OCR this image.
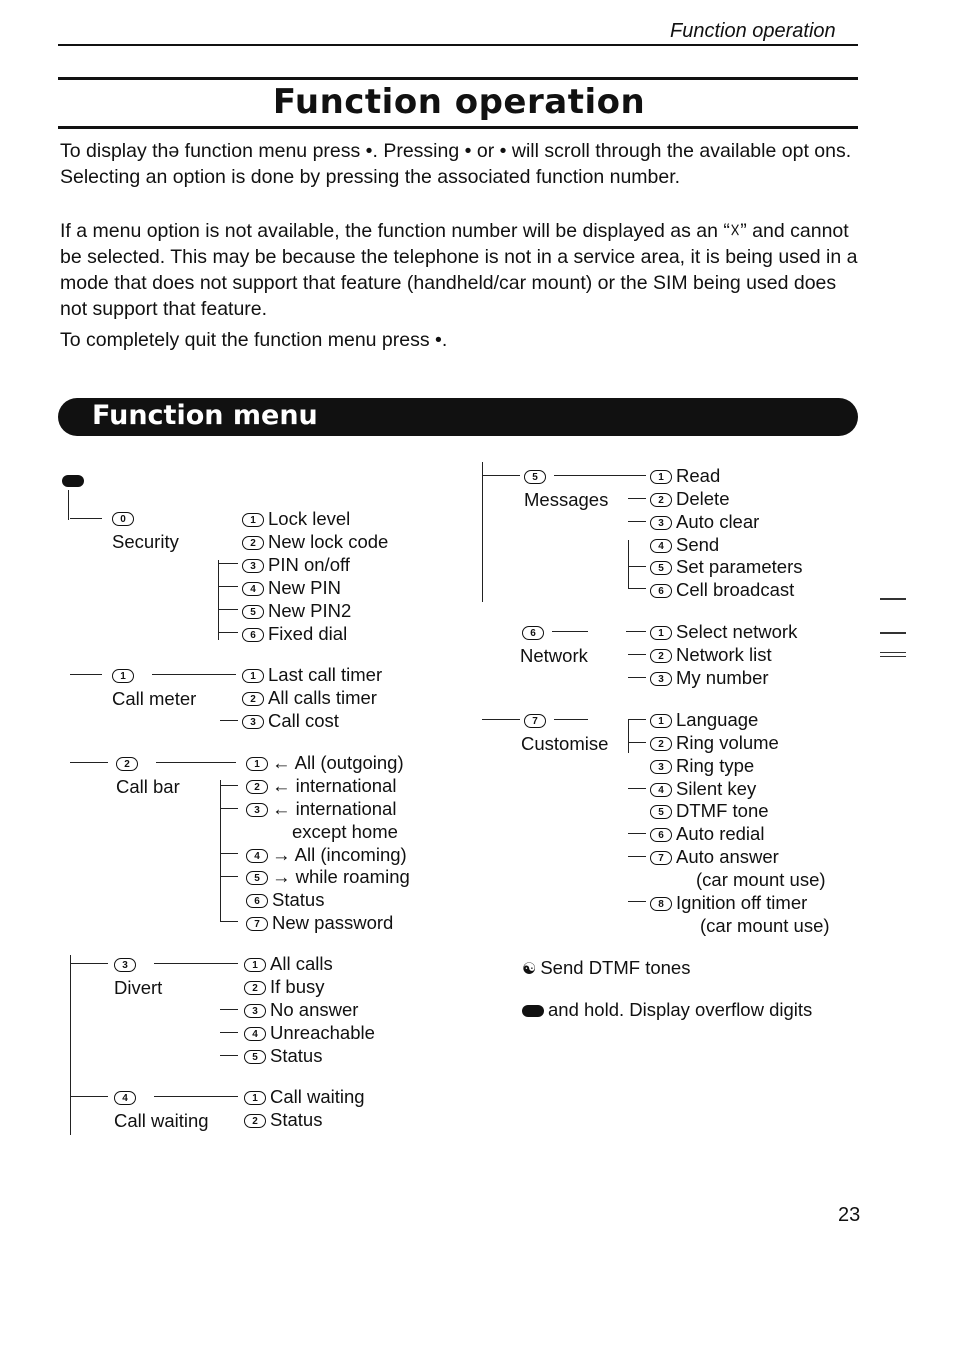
Function operation
Function operation
To display thə function menu press •. Pressing • or • will scroll through the available opt ons. Selecting an option is done by pressing the associated function number.
If a menu option is not available, the function number will be displayed as an “☓” and cannot be selected. This may be because the telephone is not in a service area, it is being used in a mode that does not support that feature (handheld/car mount) or the SIM being used does not support that feature.
To completely quit the function menu press •.
Function menu
0
Security
1 Lock level
2 New lock code
3 PIN on/off
4 New PIN
5 New PIN2
6 Fixed dial
1
Call meter
1 Last call timer
2 All calls timer
3 Call cost
2
Call bar
1 ← All (outgoing)
2 ← international
3 ← international
except home
4 → All (incoming)
5 → while roaming
6 Status
7 New password
3
Divert
1 All calls
2 If busy
3 No answer
4 Unreachable
5 Status
4
Call waiting
1 Call waiting
2 Status
5
Messages
1 Read
2 Delete
3 Auto clear
4 Send
5 Set parameters
6 Cell broadcast
6
Network
1 Select network
2 Network list
3 My number
7
Customise
1 Language
2 Ring volume
3 Ring type
4 Silent key
5 DTMF tone
6 Auto redial
7 Auto answer
(car mount use)
8 Ignition off timer
(car mount use)
☯ Send DTMF tones
and hold. Display overflow digits
23
